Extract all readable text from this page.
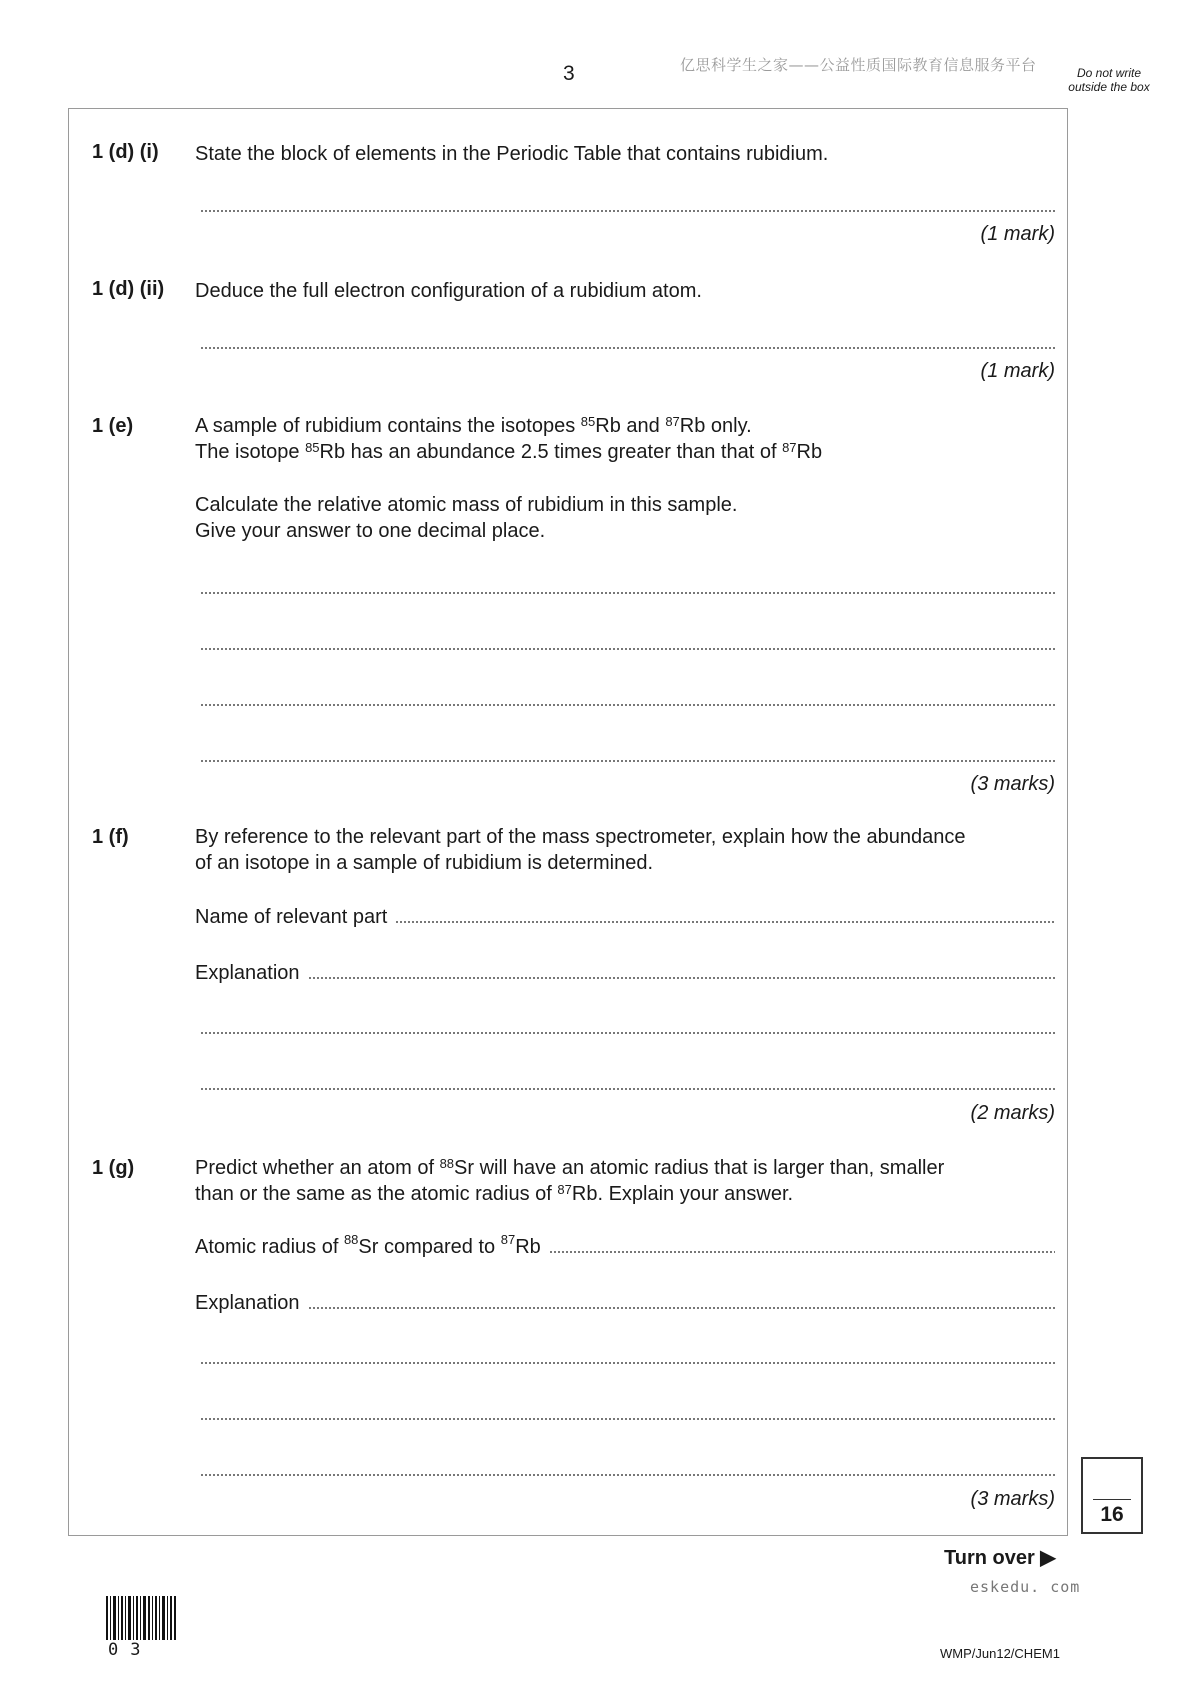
3	亿思科学生之家——公益性质国际教育信息服务平台	Do not write outside the box
1 (d) (i) State the block of elements in the Periodic Table that contains rubidium.
(1 mark)
1 (d) (ii) Deduce the full electron configuration of a rubidium atom.
(1 mark)
1 (e)	A sample of rubidium contains the isotopes $^{85}$Rb and $^{87}$Rb only.

The isotope $^{85}$Rb has an abundance 2.5 times greater than that of $^{87}$Rb

Calculate the relative atomic mass of rubidium in this sample.

Give your answer to one decimal place.

(3 marks)
1 (f)	By reference to the relevant part of the mass spectrometer, explain how the abundance

of an isotope in a sample of rubidium is determined.

Name of relevant part
Explanation
(2 marks)
1 (g)	Predict whether an atom of $^{88}$Sr will have an atomic radius that is larger than, smaller

than or the same as the atomic radius of $^{87}$Rb. Explain your answer.

Atomic radius of $^{88}$Sr compared to $^{87}$Rb
Explanation
(3 marks)
16
Turn over ▶
eskedu. com
03	WMP/Jun12/CHEM1
